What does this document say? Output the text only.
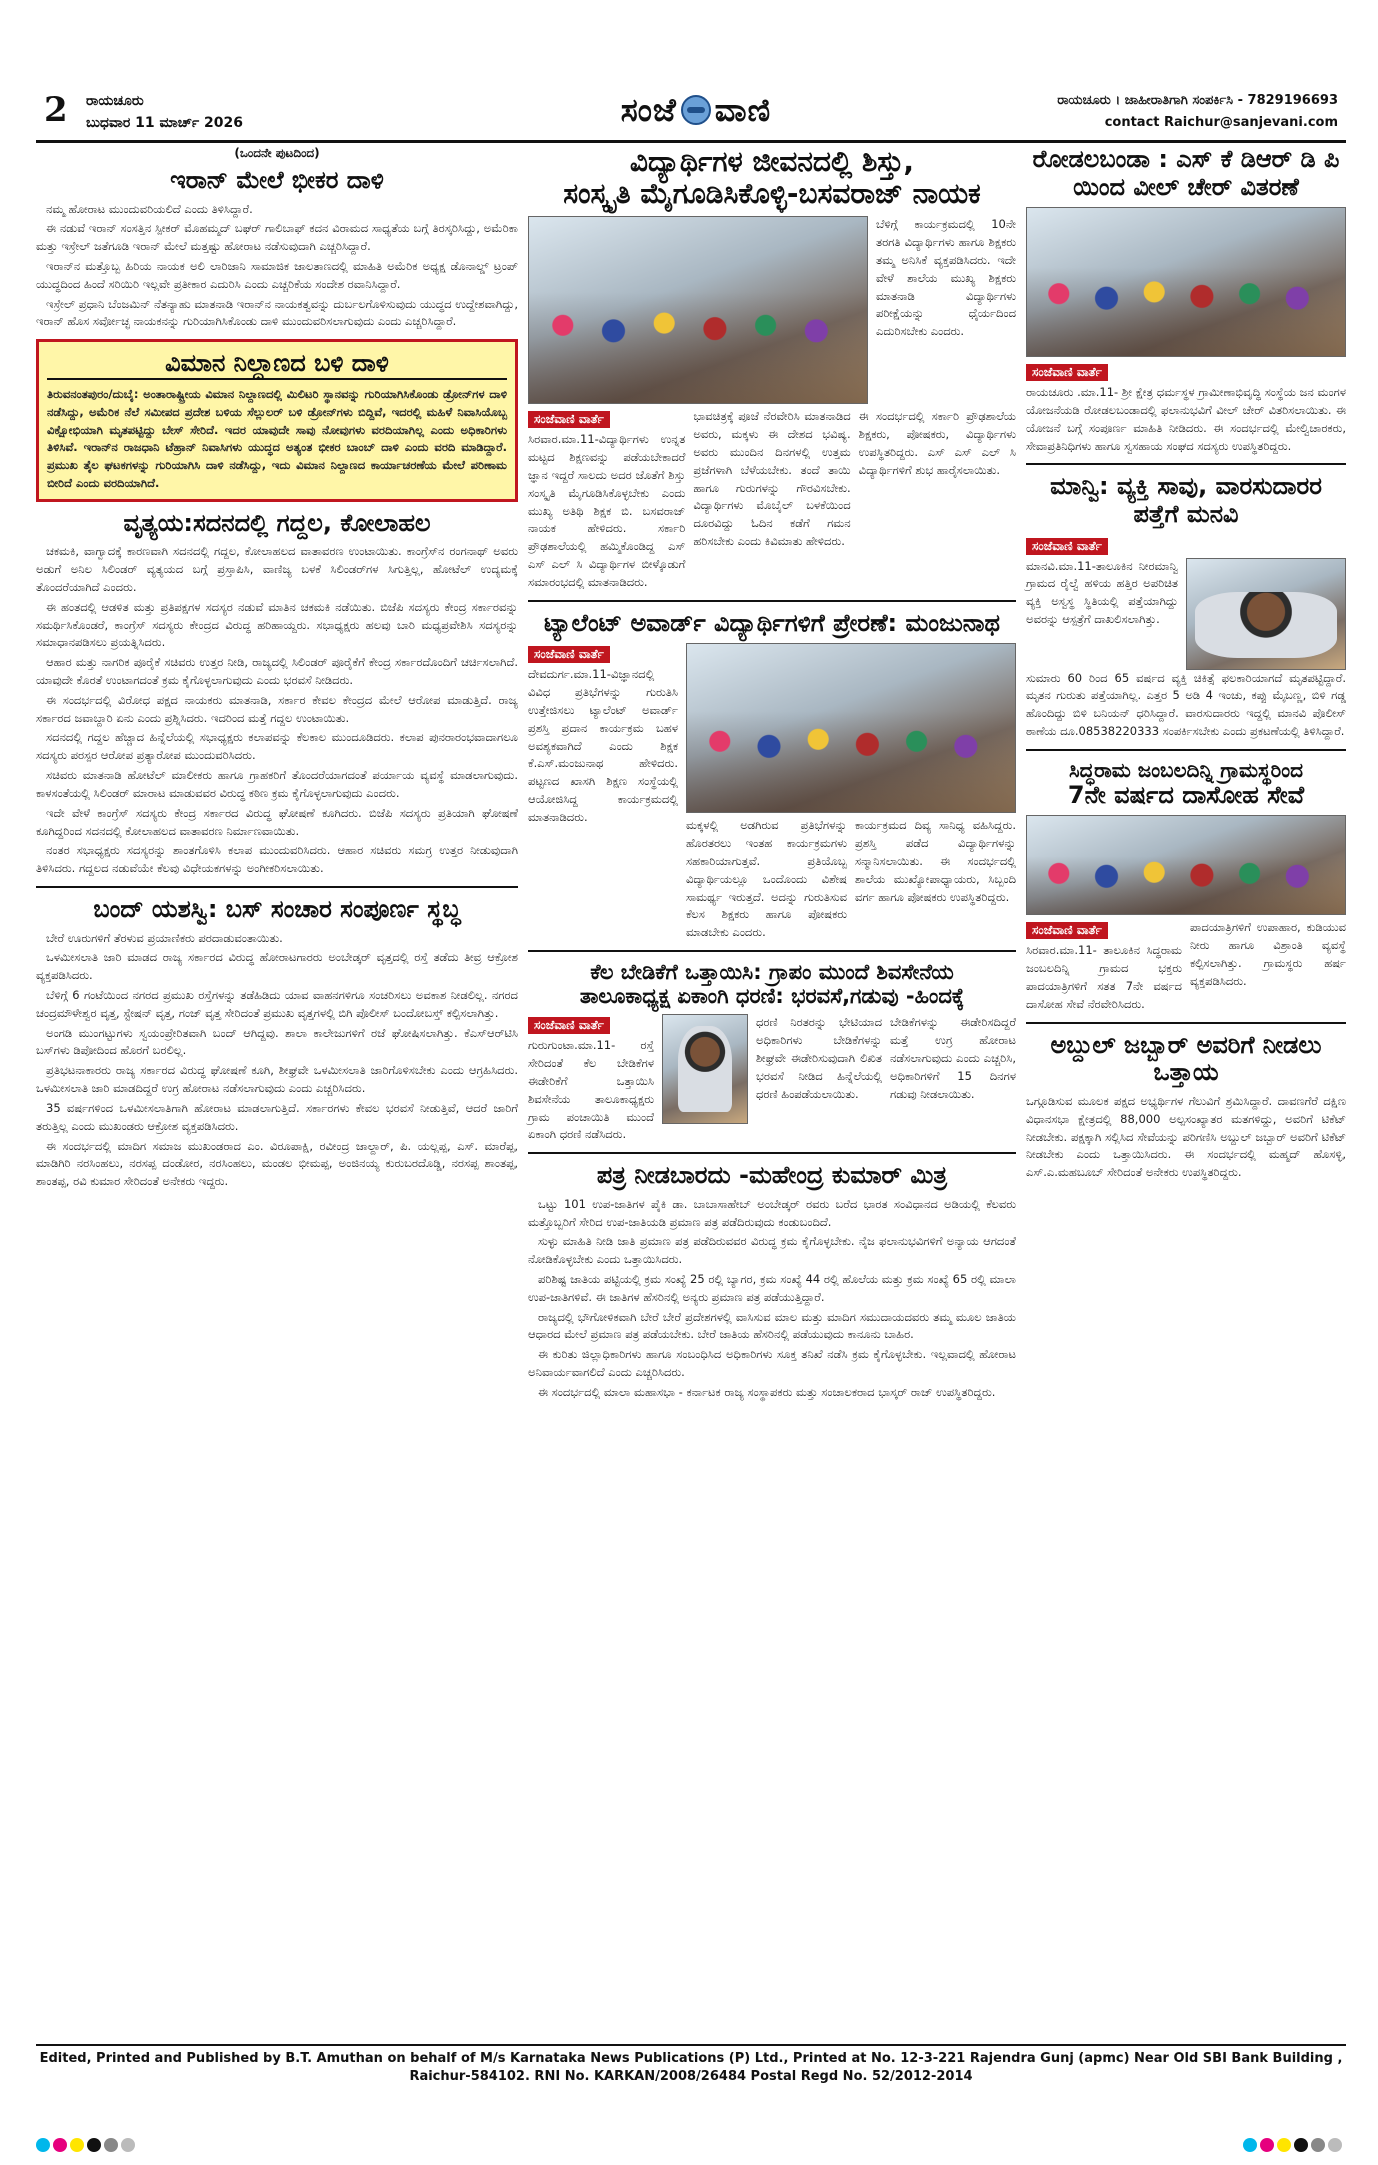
2 ರಾಯಚೂರು
ಬುಧವಾರ 11 ಮಾರ್ಚ್ 2026	ಸಂಜೆ ವಾಣಿ	ರಾಯಚೂರು । ಜಾಹೀರಾತಿಗಾಗಿ ಸಂಪರ್ಕಿಸಿ - 7829196693
contact Raichur@sanjevani.com
(ಒಂದನೇ ಪುಟದಿಂದ)
ಇರಾನ್ ಮೇಲೆ ಭೀಕರ ದಾಳಿ

ನಮ್ಮ ಹೋರಾಟ ಮುಂದುವರಿಯಲಿದೆ ಎಂದು ತಿಳಿಸಿದ್ದಾರೆ.

ಈ ನಡುವೆ ಇರಾನ್ ಸಂಸತ್ತಿನ ಸ್ಪೀಕರ್ ಮೊಹಮ್ಮದ್ ಬಘರ್ ಗಾಲಿಬಾಫ್ ಕದನ ವಿರಾಮದ ಸಾಧ್ಯತೆಯ ಬಗ್ಗೆ ತಿರಸ್ಕರಿಸಿದ್ದು, ಅಮೆರಿಕಾ ಮತ್ತು ಇಸ್ರೇಲ್ ಜತೆಗೂಡಿ ಇರಾನ್ ಮೇಲೆ ಮತ್ತಷ್ಟು ಹೋರಾಟ ನಡೆಸುವುದಾಗಿ ಎಚ್ಚರಿಸಿದ್ದಾರೆ.

ಇರಾನ್‌ನ ಮತ್ತೊಬ್ಬ ಹಿರಿಯ ನಾಯಕ ಅಲಿ ಲಾರಿಜಾನಿ ಸಾಮಾಜಿಕ ಜಾಲತಾಣದಲ್ಲಿ ಮಾಹಿತಿ ಅಮೆರಿಕ ಅಧ್ಯಕ್ಷ ಡೊನಾಲ್ಡ್ ಟ್ರಂಪ್ ಯುದ್ಧದಿಂದ ಹಿಂದೆ ಸರಿಯಿರಿ ಇಲ್ಲವೇ ಪ್ರತೀಕಾರ ಎದುರಿಸಿ ಎಂದು ಎಚ್ಚರಿಕೆಯ ಸಂದೇಶ ರವಾನಿಸಿದ್ದಾರೆ.

ಇಸ್ರೇಲ್ ಪ್ರಧಾನಿ ಬೆಂಜಮಿನ್ ನೆತನ್ಯಾಹು ಮಾತನಾಡಿ ಇರಾನ್‌ನ ನಾಯಕತ್ವವನ್ನು ದುರ್ಬಲಗೊಳಿಸುವುದು ಯುದ್ಧದ ಉದ್ದೇಶವಾಗಿದ್ದು, ಇರಾನ್ ಹೊಸ ಸರ್ವೋಚ್ಛ ನಾಯಕನನ್ನು ಗುರಿಯಾಗಿಸಿಕೊಂಡು ದಾಳಿ ಮುಂದುವರಿಸಲಾಗುವುದು ಎಂದು ಎಚ್ಚರಿಸಿದ್ದಾರೆ.

ವಿಮಾನ ನಿಲ್ದಾಣದ ಬಳಿ ದಾಳಿ
ತಿರುವನಂತಪುರಂ/ದುಬೈ: ಅಂತಾರಾಷ್ಟ್ರೀಯ ವಿಮಾನ ನಿಲ್ದಾಣದಲ್ಲಿ ಮಿಲಿಟರಿ ಸ್ಥಾನವನ್ನು ಗುರಿಯಾಗಿಸಿಕೊಂಡು ಡ್ರೋನ್‌ಗಳ ದಾಳಿ ನಡೆಸಿದ್ದು, ಅಮೆರಿಕ ನೆಲೆ ಸಮೀಪದ ಪ್ರದೇಶ ಬಳಿಯ ಸೆಲ್ಲುಲರ್ ಬಳಿ ಡ್ರೋನ್‌ಗಳು ಬಿದ್ದಿವೆ, ಇದರಲ್ಲಿ ಮಹಿಳೆ ನಿವಾಸಿಯೊಬ್ಬ ವಿಕ್ಷೋಭಿಯಾಗಿ ಮೃತಪಟ್ಟಿದ್ದು ಬೇಸ್ ಸೇರಿದೆ. ಇದರ ಯಾವುದೇ ಸಾವು ನೋವುಗಳು ವರದಿಯಾಗಿಲ್ಲ ಎಂದು ಅಧಿಕಾರಿಗಳು ತಿಳಿಸಿವೆ. ಇರಾನ್‌ನ ರಾಜಧಾನಿ ಟೆಹ್ರಾನ್ ನಿವಾಸಿಗಳು ಯುದ್ಧದ ಅತ್ಯಂತ ಭೀಕರ ಬಾಂಬ್ ದಾಳಿ ಎಂದು ವರದಿ ಮಾಡಿದ್ದಾರೆ. ಪ್ರಮುಖ ತೈಲ ಘಟಕಗಳನ್ನು ಗುರಿಯಾಗಿಸಿ ದಾಳಿ ನಡೆಸಿದ್ದು, ಇದು ವಿಮಾನ ನಿಲ್ದಾಣದ ಕಾರ್ಯಾಚರಣೆಯ ಮೇಲೆ ಪರಿಣಾಮ ಬೀರಿದೆ ಎಂದು ವರದಿಯಾಗಿದೆ.
ವೃತ್ಯಯ:ಸದನದಲ್ಲಿ ಗದ್ದಲ, ಕೋಲಾಹಲ

ಚಕಮಕಿ, ವಾಗ್ವಾದಕ್ಕೆ ಕಾರಣವಾಗಿ ಸದನದಲ್ಲಿ ಗದ್ದಲ, ಕೋಲಾಹಲದ ವಾತಾವರಣ ಉಂಟಾಯಿತು. ಕಾಂಗ್ರೆಸ್‌ನ ರಂಗನಾಥ್ ಅವರು ಅಡುಗೆ ಅನಿಲ ಸಿಲಿಂಡರ್ ವ್ಯತ್ಯಯದ ಬಗ್ಗೆ ಪ್ರಸ್ತಾಪಿಸಿ, ವಾಣಿಜ್ಯ ಬಳಕೆ ಸಿಲಿಂಡರ್‌ಗಳ ಸಿಗುತ್ತಿಲ್ಲ, ಹೋಟೆಲ್ ಉದ್ಯಮಕ್ಕೆ ತೊಂದರೆಯಾಗಿದೆ ಎಂದರು.

ಈ ಹಂತದಲ್ಲಿ ಆಡಳಿತ ಮತ್ತು ಪ್ರತಿಪಕ್ಷಗಳ ಸದಸ್ಯರ ನಡುವೆ ಮಾತಿನ ಚಕಮಕಿ ನಡೆಯಿತು. ಬಿಜೆಪಿ ಸದಸ್ಯರು ಕೇಂದ್ರ ಸರ್ಕಾರವನ್ನು ಸಮರ್ಥಿಸಿಕೊಂಡರೆ, ಕಾಂಗ್ರೆಸ್ ಸದಸ್ಯರು ಕೇಂದ್ರದ ವಿರುದ್ಧ ಹರಿಹಾಯ್ದರು. ಸಭಾಧ್ಯಕ್ಷರು ಹಲವು ಬಾರಿ ಮಧ್ಯಪ್ರವೇಶಿಸಿ ಸದಸ್ಯರನ್ನು ಸಮಾಧಾನಪಡಿಸಲು ಪ್ರಯತ್ನಿಸಿದರು.

ಆಹಾರ ಮತ್ತು ನಾಗರಿಕ ಪೂರೈಕೆ ಸಚಿವರು ಉತ್ತರ ನೀಡಿ, ರಾಜ್ಯದಲ್ಲಿ ಸಿಲಿಂಡರ್ ಪೂರೈಕೆಗೆ ಕೇಂದ್ರ ಸರ್ಕಾರದೊಂದಿಗೆ ಚರ್ಚಿಸಲಾಗಿದೆ. ಯಾವುದೇ ಕೊರತೆ ಉಂಟಾಗದಂತೆ ಕ್ರಮ ಕೈಗೊಳ್ಳಲಾಗುವುದು ಎಂದು ಭರವಸೆ ನೀಡಿದರು.

ಈ ಸಂದರ್ಭದಲ್ಲಿ ವಿರೋಧ ಪಕ್ಷದ ನಾಯಕರು ಮಾತನಾಡಿ, ಸರ್ಕಾರ ಕೇವಲ ಕೇಂದ್ರದ ಮೇಲೆ ಆರೋಪ ಮಾಡುತ್ತಿದೆ. ರಾಜ್ಯ ಸರ್ಕಾರದ ಜವಾಬ್ದಾರಿ ಏನು ಎಂದು ಪ್ರಶ್ನಿಸಿದರು. ಇದರಿಂದ ಮತ್ತೆ ಗದ್ದಲ ಉಂಟಾಯಿತು.

ಸದನದಲ್ಲಿ ಗದ್ದಲ ಹೆಚ್ಚಾದ ಹಿನ್ನೆಲೆಯಲ್ಲಿ ಸಭಾಧ್ಯಕ್ಷರು ಕಲಾಪವನ್ನು ಕೆಲಕಾಲ ಮುಂದೂಡಿದರು. ಕಲಾಪ ಪುನರಾರಂಭವಾದಾಗಲೂ ಸದಸ್ಯರು ಪರಸ್ಪರ ಆರೋಪ ಪ್ರತ್ಯಾರೋಪ ಮುಂದುವರಿಸಿದರು.

ಸಚಿವರು ಮಾತನಾಡಿ ಹೋಟೆಲ್ ಮಾಲೀಕರು ಹಾಗೂ ಗ್ರಾಹಕರಿಗೆ ತೊಂದರೆಯಾಗದಂತೆ ಪರ್ಯಾಯ ವ್ಯವಸ್ಥೆ ಮಾಡಲಾಗುವುದು. ಕಾಳಸಂತೆಯಲ್ಲಿ ಸಿಲಿಂಡರ್ ಮಾರಾಟ ಮಾಡುವವರ ವಿರುದ್ಧ ಕಠಿಣ ಕ್ರಮ ಕೈಗೊಳ್ಳಲಾಗುವುದು ಎಂದರು.

ಇದೇ ವೇಳೆ ಕಾಂಗ್ರೆಸ್ ಸದಸ್ಯರು ಕೇಂದ್ರ ಸರ್ಕಾರದ ವಿರುದ್ಧ ಘೋಷಣೆ ಕೂಗಿದರು. ಬಿಜೆಪಿ ಸದಸ್ಯರು ಪ್ರತಿಯಾಗಿ ಘೋಷಣೆ ಕೂಗಿದ್ದರಿಂದ ಸದನದಲ್ಲಿ ಕೋಲಾಹಲದ ವಾತಾವರಣ ನಿರ್ಮಾಣವಾಯಿತು.

ನಂತರ ಸಭಾಧ್ಯಕ್ಷರು ಸದಸ್ಯರನ್ನು ಶಾಂತಗೊಳಿಸಿ ಕಲಾಪ ಮುಂದುವರಿಸಿದರು. ಆಹಾರ ಸಚಿವರು ಸಮಗ್ರ ಉತ್ತರ ನೀಡುವುದಾಗಿ ತಿಳಿಸಿದರು. ಗದ್ದಲದ ನಡುವೆಯೇ ಕೆಲವು ವಿಧೇಯಕಗಳನ್ನು ಅಂಗೀಕರಿಸಲಾಯಿತು.

ಬಂದ್ ಯಶಸ್ವಿ: ಬಸ್ ಸಂಚಾರ ಸಂಪೂರ್ಣ ಸ್ಥಬ್ಧ

ಬೇರೆ ಊರುಗಳಿಗೆ ತೆರಳುವ ಪ್ರಯಾಣಿಕರು ಪರದಾಡುವಂತಾಯಿತು.

ಒಳಮೀಸಲಾತಿ ಜಾರಿ ಮಾಡದ ರಾಜ್ಯ ಸರ್ಕಾರದ ವಿರುದ್ಧ ಹೋರಾಟಗಾರರು ಅಂಬೇಡ್ಕರ್ ವೃತ್ತದಲ್ಲಿ ರಸ್ತೆ ತಡೆದು ತೀವ್ರ ಆಕ್ರೋಶ ವ್ಯಕ್ತಪಡಿಸಿದರು.

ಬೆಳಿಗ್ಗೆ 6 ಗಂಟೆಯಿಂದ ನಗರದ ಪ್ರಮುಖ ರಸ್ತೆಗಳನ್ನು ತಡೆಹಿಡಿದು ಯಾವ ವಾಹನಗಳಿಗೂ ಸಂಚರಿಸಲು ಅವಕಾಶ ನೀಡಲಿಲ್ಲ. ನಗರದ ಚಂದ್ರಮೌಳೇಶ್ವರ ವೃತ್ತ, ಸ್ಟೇಷನ್ ವೃತ್ತ, ಗಂಜ್ ವೃತ್ತ ಸೇರಿದಂತೆ ಪ್ರಮುಖ ವೃತ್ತಗಳಲ್ಲಿ ಬಿಗಿ ಪೊಲೀಸ್ ಬಂದೋಬಸ್ತ್ ಕಲ್ಪಿಸಲಾಗಿತ್ತು.

ಅಂಗಡಿ ಮುಂಗಟ್ಟುಗಳು ಸ್ವಯಂಪ್ರೇರಿತವಾಗಿ ಬಂದ್ ಆಗಿದ್ದವು. ಶಾಲಾ ಕಾಲೇಜುಗಳಿಗೆ ರಜೆ ಘೋಷಿಸಲಾಗಿತ್ತು. ಕೆಎಸ್ಆರ್‌ಟಿಸಿ ಬಸ್‌ಗಳು ಡಿಪೋದಿಂದ ಹೊರಗೆ ಬರಲಿಲ್ಲ.

ಪ್ರತಿಭಟನಾಕಾರರು ರಾಜ್ಯ ಸರ್ಕಾರದ ವಿರುದ್ಧ ಘೋಷಣೆ ಕೂಗಿ, ಶೀಘ್ರವೇ ಒಳಮೀಸಲಾತಿ ಜಾರಿಗೊಳಿಸಬೇಕು ಎಂದು ಆಗ್ರಹಿಸಿದರು. ಒಳಮೀಸಲಾತಿ ಜಾರಿ ಮಾಡದಿದ್ದರೆ ಉಗ್ರ ಹೋರಾಟ ನಡೆಸಲಾಗುವುದು ಎಂದು ಎಚ್ಚರಿಸಿದರು.

35 ವರ್ಷಗಳಿಂದ ಒಳಮೀಸಲಾತಿಗಾಗಿ ಹೋರಾಟ ಮಾಡಲಾಗುತ್ತಿದೆ. ಸರ್ಕಾರಗಳು ಕೇವಲ ಭರವಸೆ ನೀಡುತ್ತಿವೆ, ಆದರೆ ಜಾರಿಗೆ ತರುತ್ತಿಲ್ಲ ಎಂದು ಮುಖಂಡರು ಆಕ್ರೋಶ ವ್ಯಕ್ತಪಡಿಸಿದರು.

ಈ ಸಂದರ್ಭದಲ್ಲಿ ಮಾದಿಗ ಸಮಾಜ ಮುಖಂಡರಾದ ಎಂ. ವಿರೂಪಾಕ್ಷಿ, ರವೀಂದ್ರ ಜಾಲ್ದಾರ್, ಪಿ. ಯಲ್ಲಪ್ಪ, ಎಸ್. ಮಾರೆಪ್ಪ, ಮಾಡಿಗಿರಿ ನರಸಿಂಹಲು, ನರಸಪ್ಪ ದಂಡೋರ, ನರಸಿಂಹಲು, ಮಂಡಲ ಭೀಮಪ್ಪ, ಅಂಜಿನಯ್ಯ ಕುರುಬರದೊಡ್ಡಿ, ನರಸಪ್ಪ ಶಾಂತಪ್ಪ, ಶಾಂತಪ್ಪ, ರವಿ ಕುಮಾರ ಸೇರಿದಂತೆ ಅನೇಕರು ಇದ್ದರು.

ವಿದ್ಯಾರ್ಥಿಗಳ ಜೀವನದಲ್ಲಿ ಶಿಸ್ತು,
ಸಂಸ್ಕೃತಿ ಮೈಗೂಡಿಸಿಕೊಳ್ಳಿ-ಬಸವರಾಜ್ ನಾಯಕ
ಬೆಳಿಗ್ಗೆ ಕಾರ್ಯಕ್ರಮದಲ್ಲಿ 10ನೇ ತರಗತಿ ವಿದ್ಯಾರ್ಥಿಗಳು ಹಾಗೂ ಶಿಕ್ಷಕರು ತಮ್ಮ ಅನಿಸಿಕೆ ವ್ಯಕ್ತಪಡಿಸಿದರು. ಇದೇ ವೇಳೆ ಶಾಲೆಯ ಮುಖ್ಯ ಶಿಕ್ಷಕರು ಮಾತನಾಡಿ ವಿದ್ಯಾರ್ಥಿಗಳು ಪರೀಕ್ಷೆಯನ್ನು ಧೈರ್ಯದಿಂದ ಎದುರಿಸಬೇಕು ಎಂದರು.
ಸಂಜೆವಾಣಿ ವಾರ್ತೆ
ಸಿರವಾರ.ಮಾ.11-ವಿದ್ಯಾರ್ಥಿಗಳು ಉನ್ನತ ಮಟ್ಟದ ಶಿಕ್ಷಣವನ್ನು ಪಡೆಯಬೇಕಾದರೆ ಜ್ಞಾನ ಇದ್ದರೆ ಸಾಲದು ಅದರ ಜೊತೆಗೆ ಶಿಸ್ತು ಸಂಸ್ಕೃತಿ ಮೈಗೂಡಿಸಿಕೊಳ್ಳಬೇಕು ಎಂದು ಮುಖ್ಯ ಅತಿಥಿ ಶಿಕ್ಷಕ ಬಿ. ಬಸವರಾಜ್ ನಾಯಕ ಹೇಳಿದರು. ಸರ್ಕಾರಿ ಪ್ರೌಢಶಾಲೆಯಲ್ಲಿ ಹಮ್ಮಿಕೊಂಡಿದ್ದ ಎಸ್ ಎಸ್ ಎಲ್ ಸಿ ವಿದ್ಯಾರ್ಥಿಗಳ ಬೀಳ್ಕೊಡುಗೆ ಸಮಾರಂಭದಲ್ಲಿ ಮಾತನಾಡಿದರು.
ಭಾವಚಿತ್ರಕ್ಕೆ ಪೂಜೆ ನೆರವೇರಿಸಿ ಮಾತನಾಡಿದ ಅವರು, ಮಕ್ಕಳು ಈ ದೇಶದ ಭವಿಷ್ಯ. ಅವರು ಮುಂದಿನ ದಿನಗಳಲ್ಲಿ ಉತ್ತಮ ಪ್ರಜೆಗಳಾಗಿ ಬೆಳೆಯಬೇಕು. ತಂದೆ ತಾಯಿ ಹಾಗೂ ಗುರುಗಳನ್ನು ಗೌರವಿಸಬೇಕು. ವಿದ್ಯಾರ್ಥಿಗಳು ಮೊಬೈಲ್ ಬಳಕೆಯಿಂದ ದೂರವಿದ್ದು ಓದಿನ ಕಡೆಗೆ ಗಮನ ಹರಿಸಬೇಕು ಎಂದು ಕಿವಿಮಾತು ಹೇಳಿದರು.
ಈ ಸಂದರ್ಭದಲ್ಲಿ ಸರ್ಕಾರಿ ಪ್ರೌಢಶಾಲೆಯ ಶಿಕ್ಷಕರು, ಪೋಷಕರು, ವಿದ್ಯಾರ್ಥಿಗಳು ಉಪಸ್ಥಿತರಿದ್ದರು. ಎಸ್ ಎಸ್ ಎಲ್ ಸಿ ವಿದ್ಯಾರ್ಥಿಗಳಿಗೆ ಶುಭ ಹಾರೈಸಲಾಯಿತು.
ಟ್ಯಾಲೆಂಟ್ ಅವಾರ್ಡ್ ವಿದ್ಯಾರ್ಥಿಗಳಿಗೆ ಪ್ರೇರಣೆ: ಮಂಜುನಾಥ
ಸಂಜೆವಾಣಿ ವಾರ್ತೆ
ದೇವದುರ್ಗ.ಮಾ.11-ವಿಜ್ಞಾನದಲ್ಲಿ ವಿವಿಧ ಪ್ರತಿಭೆಗಳನ್ನು ಗುರುತಿಸಿ ಉತ್ತೇಜಿಸಲು ಟ್ಯಾಲೆಂಟ್ ಅವಾರ್ಡ್ ಪ್ರಶಸ್ತಿ ಪ್ರದಾನ ಕಾರ್ಯಕ್ರಮ ಬಹಳ ಅವಶ್ಯಕವಾಗಿದೆ ಎಂದು ಶಿಕ್ಷಕ ಕೆ.ಎಸ್.ಮಂಜುನಾಥ ಹೇಳಿದರು. ಪಟ್ಟಣದ ಖಾಸಗಿ ಶಿಕ್ಷಣ ಸಂಸ್ಥೆಯಲ್ಲಿ ಆಯೋಜಿಸಿದ್ದ ಕಾರ್ಯಕ್ರಮದಲ್ಲಿ ಮಾತನಾಡಿದರು.
ಮಕ್ಕಳಲ್ಲಿ ಅಡಗಿರುವ ಪ್ರತಿಭೆಗಳನ್ನು ಹೊರತರಲು ಇಂತಹ ಕಾರ್ಯಕ್ರಮಗಳು ಸಹಕಾರಿಯಾಗುತ್ತವೆ. ಪ್ರತಿಯೊಬ್ಬ ವಿದ್ಯಾರ್ಥಿಯಲ್ಲೂ ಒಂದೊಂದು ವಿಶೇಷ ಸಾಮರ್ಥ್ಯ ಇರುತ್ತದೆ. ಅದನ್ನು ಗುರುತಿಸುವ ಕೆಲಸ ಶಿಕ್ಷಕರು ಹಾಗೂ ಪೋಷಕರು ಮಾಡಬೇಕು ಎಂದರು.
ಕಾರ್ಯಕ್ರಮದ ದಿವ್ಯ ಸಾನಿಧ್ಯ ವಹಿಸಿದ್ದರು. ಪ್ರಶಸ್ತಿ ಪಡೆದ ವಿದ್ಯಾರ್ಥಿಗಳನ್ನು ಸನ್ಮಾನಿಸಲಾಯಿತು. ಈ ಸಂದರ್ಭದಲ್ಲಿ ಶಾಲೆಯ ಮುಖ್ಯೋಪಾಧ್ಯಾಯರು, ಸಿಬ್ಬಂದಿ ವರ್ಗ ಹಾಗೂ ಪೋಷಕರು ಉಪಸ್ಥಿತರಿದ್ದರು.
ಕೆಲ ಬೇಡಿಕೆಗೆ ಒತ್ತಾಯಿಸಿ: ಗ್ರಾಪಂ ಮುಂದೆ ಶಿವಸೇನೆಯ
ತಾಲೂಕಾಧ್ಯಕ್ಷ ಏಕಾಂಗಿ ಧರಣಿ: ಭರವಸೆ,ಗಡುವು -ಹಿಂದಕ್ಕೆ
ಸಂಜೆವಾಣಿ ವಾರ್ತೆ
ಗುರುಗುಂಟಾ.ಮಾ.11- ರಸ್ತೆ ಸೇರಿದಂತೆ ಕೆಲ ಬೇಡಿಕೆಗಳ ಈಡೇರಿಕೆಗೆ ಒತ್ತಾಯಿಸಿ ಶಿವಸೇನೆಯ ತಾಲೂಕಾಧ್ಯಕ್ಷರು ಗ್ರಾಮ ಪಂಚಾಯಿತಿ ಮುಂದೆ ಏಕಾಂಗಿ ಧರಣಿ ನಡೆಸಿದರು.
ಧರಣಿ ನಿರತರನ್ನು ಭೇಟಿಯಾದ ಅಧಿಕಾರಿಗಳು ಬೇಡಿಕೆಗಳನ್ನು ಶೀಘ್ರವೇ ಈಡೇರಿಸುವುದಾಗಿ ಲಿಖಿತ ಭರವಸೆ ನೀಡಿದ ಹಿನ್ನೆಲೆಯಲ್ಲಿ ಧರಣಿ ಹಿಂಪಡೆಯಲಾಯಿತು.
ಬೇಡಿಕೆಗಳನ್ನು ಈಡೇರಿಸದಿದ್ದರೆ ಮತ್ತೆ ಉಗ್ರ ಹೋರಾಟ ನಡೆಸಲಾಗುವುದು ಎಂದು ಎಚ್ಚರಿಸಿ, ಅಧಿಕಾರಿಗಳಿಗೆ 15 ದಿನಗಳ ಗಡುವು ನೀಡಲಾಯಿತು.
ಪತ್ರ ನೀಡಬಾರದು -ಮಹೇಂದ್ರ ಕುಮಾರ್ ಮಿತ್ರ

ಒಟ್ಟು 101 ಉಪ-ಜಾತಿಗಳ ಪೈಕಿ ಡಾ. ಬಾಬಾಸಾಹೇಬ್ ಅಂಬೇಡ್ಕರ್ ರವರು ಬರೆದ ಭಾರತ ಸಂವಿಧಾನದ ಅಡಿಯಲ್ಲಿ ಕೆಲವರು ಮತ್ತೊಬ್ಬರಿಗೆ ಸೇರಿದ ಉಪ-ಜಾತಿಯಡಿ ಪ್ರಮಾಣ ಪತ್ರ ಪಡೆದಿರುವುದು ಕಂಡುಬಂದಿದೆ.

ಸುಳ್ಳು ಮಾಹಿತಿ ನೀಡಿ ಜಾತಿ ಪ್ರಮಾಣ ಪತ್ರ ಪಡೆದಿರುವವರ ವಿರುದ್ಧ ಕ್ರಮ ಕೈಗೊಳ್ಳಬೇಕು. ನೈಜ ಫಲಾನುಭವಿಗಳಿಗೆ ಅನ್ಯಾಯ ಆಗದಂತೆ ನೋಡಿಕೊಳ್ಳಬೇಕು ಎಂದು ಒತ್ತಾಯಿಸಿದರು.

ಪರಿಶಿಷ್ಟ ಜಾತಿಯ ಪಟ್ಟಿಯಲ್ಲಿ ಕ್ರಮ ಸಂಖ್ಯೆ 25 ರಲ್ಲಿ ಬ್ಯಾಗರ, ಕ್ರಮ ಸಂಖ್ಯೆ 44 ರಲ್ಲಿ ಹೊಲೆಯ ಮತ್ತು ಕ್ರಮ ಸಂಖ್ಯೆ 65 ರಲ್ಲಿ ಮಾಲಾ ಉಪ-ಜಾತಿಗಳಿವೆ. ಈ ಜಾತಿಗಳ ಹೆಸರಿನಲ್ಲಿ ಅನ್ಯರು ಪ್ರಮಾಣ ಪತ್ರ ಪಡೆಯುತ್ತಿದ್ದಾರೆ.

ರಾಜ್ಯದಲ್ಲಿ ಭೌಗೋಳಿಕವಾಗಿ ಬೇರೆ ಬೇರೆ ಪ್ರದೇಶಗಳಲ್ಲಿ ವಾಸಿಸುವ ಮಾಲ ಮತ್ತು ಮಾದಿಗ ಸಮುದಾಯದವರು ತಮ್ಮ ಮೂಲ ಜಾತಿಯ ಆಧಾರದ ಮೇಲೆ ಪ್ರಮಾಣ ಪತ್ರ ಪಡೆಯಬೇಕು. ಬೇರೆ ಜಾತಿಯ ಹೆಸರಿನಲ್ಲಿ ಪಡೆಯುವುದು ಕಾನೂನು ಬಾಹಿರ.

ಈ ಕುರಿತು ಜಿಲ್ಲಾಧಿಕಾರಿಗಳು ಹಾಗೂ ಸಂಬಂಧಿಸಿದ ಅಧಿಕಾರಿಗಳು ಸೂಕ್ತ ತನಿಖೆ ನಡೆಸಿ ಕ್ರಮ ಕೈಗೊಳ್ಳಬೇಕು. ಇಲ್ಲವಾದಲ್ಲಿ ಹೋರಾಟ ಅನಿವಾರ್ಯವಾಗಲಿದೆ ಎಂದು ಎಚ್ಚರಿಸಿದರು.

ಈ ಸಂದರ್ಭದಲ್ಲಿ ಮಾಲಾ ಮಹಾಸಭಾ - ಕರ್ನಾಟಕ ರಾಜ್ಯ ಸಂಸ್ಥಾಪಕರು ಮತ್ತು ಸಂಚಾಲಕರಾದ ಭಾಸ್ಕರ್ ರಾಜ್ ಉಪಸ್ಥಿತರಿದ್ದರು.

ರೋಡಲಬಂಡಾ : ಎಸ್ ಕೆ ಡಿಆರ್ ಡಿ ಪಿ ಯಿಂದ ವೀಲ್ ಚೇರ್ ವಿತರಣೆ
ಸಂಜೆವಾಣಿ ವಾರ್ತೆ
ರಾಯಚೂರು .ಮಾ.11- ಶ್ರೀ ಕ್ಷೇತ್ರ ಧರ್ಮಸ್ಥಳ ಗ್ರಾಮೀಣಾಭಿವೃದ್ಧಿ ಸಂಸ್ಥೆಯ ಜನ ಮಂಗಳ ಯೋಜನೆಯಡಿ ರೋಡಲಬಂಡಾದಲ್ಲಿ ಫಲಾನುಭವಿಗೆ ವೀಲ್ ಚೇರ್ ವಿತರಿಸಲಾಯಿತು. ಈ ಯೋಜನೆ ಬಗ್ಗೆ ಸಂಪೂರ್ಣ ಮಾಹಿತಿ ನೀಡಿದರು. ಈ ಸಂದರ್ಭದಲ್ಲಿ ಮೇಲ್ವಿಚಾರಕರು, ಸೇವಾಪ್ರತಿನಿಧಿಗಳು ಹಾಗೂ ಸ್ವಸಹಾಯ ಸಂಘದ ಸದಸ್ಯರು ಉಪಸ್ಥಿತರಿದ್ದರು.
ಮಾನ್ವಿ: ವ್ಯಕ್ತಿ ಸಾವು, ವಾರಸುದಾರರ ಪತ್ತೆಗೆ ಮನವಿ
ಸಂಜೆವಾಣಿ ವಾರ್ತೆ
ಮಾನವಿ.ಮಾ.11-ತಾಲೂಕಿನ ನೀರಮಾನ್ವಿ ಗ್ರಾಮದ ರೈಲ್ವೆ ಹಳಿಯ ಹತ್ತಿರ ಅಪರಿಚಿತ ವ್ಯಕ್ತಿ ಅಸ್ವಸ್ಥ ಸ್ಥಿತಿಯಲ್ಲಿ ಪತ್ತೆಯಾಗಿದ್ದು ಅವರನ್ನು ಆಸ್ಪತ್ರೆಗೆ ದಾಖಲಿಸಲಾಗಿತ್ತು.
ಸುಮಾರು 60 ರಿಂದ 65 ವರ್ಷದ ವ್ಯಕ್ತಿ ಚಿಕಿತ್ಸೆ ಫಲಕಾರಿಯಾಗದೆ ಮೃತಪಟ್ಟಿದ್ದಾರೆ. ಮೃತನ ಗುರುತು ಪತ್ತೆಯಾಗಿಲ್ಲ. ಎತ್ತರ 5 ಅಡಿ 4 ಇಂಚು, ಕಪ್ಪು ಮೈಬಣ್ಣ, ಬಿಳಿ ಗಡ್ಡ ಹೊಂದಿದ್ದು ಬಿಳಿ ಬನಿಯನ್ ಧರಿಸಿದ್ದಾರೆ. ವಾರಸುದಾರರು ಇದ್ದಲ್ಲಿ ಮಾನವಿ ಪೊಲೀಸ್ ಠಾಣೆಯ ದೂ.08538220333 ಸಂಪರ್ಕಿಸಬೇಕು ಎಂದು ಪ್ರಕಟಣೆಯಲ್ಲಿ ತಿಳಿಸಿದ್ದಾರೆ.
ಸಿದ್ಧರಾಮ ಜಂಬಲದಿನ್ನಿ ಗ್ರಾಮಸ್ಥರಿಂದ
7ನೇ ವರ್ಷದ ದಾಸೋಹ ಸೇವೆ
ಸಂಜೆವಾಣಿ ವಾರ್ತೆ
ಸಿರವಾರ.ಮಾ.11- ತಾಲೂಕಿನ ಸಿದ್ಧರಾಮ ಜಂಬಲದಿನ್ನಿ ಗ್ರಾಮದ ಭಕ್ತರು ಪಾದಯಾತ್ರಿಗಳಿಗೆ ಸತತ 7ನೇ ವರ್ಷದ ದಾಸೋಹ ಸೇವೆ ನೆರವೇರಿಸಿದರು.
ಪಾದಯಾತ್ರಿಗಳಿಗೆ ಉಪಾಹಾರ, ಕುಡಿಯುವ ನೀರು ಹಾಗೂ ವಿಶ್ರಾಂತಿ ವ್ಯವಸ್ಥೆ ಕಲ್ಪಿಸಲಾಗಿತ್ತು. ಗ್ರಾಮಸ್ಥರು ಹರ್ಷ ವ್ಯಕ್ತಪಡಿಸಿದರು.
ಅಬ್ದುಲ್ ಜಬ್ಬಾರ್ ಅವರಿಗೆ ನೀಡಲು ಒತ್ತಾಯ
ಒಗ್ಗೂಡಿಸುವ ಮೂಲಕ ಪಕ್ಷದ ಅಭ್ಯರ್ಥಿಗಳ ಗೆಲುವಿಗೆ ಶ್ರಮಿಸಿದ್ದಾರೆ. ದಾವಣಗೆರೆ ದಕ್ಷಿಣ ವಿಧಾನಸಭಾ ಕ್ಷೇತ್ರದಲ್ಲಿ 88,000 ಅಲ್ಪಸಂಖ್ಯಾತರ ಮತಗಳಿದ್ದು, ಅವರಿಗೆ ಟಿಕೆಟ್ ನೀಡಬೇಕು. ಪಕ್ಷಕ್ಕಾಗಿ ಸಲ್ಲಿಸಿದ ಸೇವೆಯನ್ನು ಪರಿಗಣಿಸಿ ಅಬ್ದುಲ್ ಜಬ್ಬಾರ್ ಅವರಿಗೆ ಟಿಕೆಟ್ ನೀಡಬೇಕು ಎಂದು ಒತ್ತಾಯಿಸಿದರು. ಈ ಸಂದರ್ಭದಲ್ಲಿ ಮಹ್ಮದ್ ಹೊಸಳ್ಳಿ, ಎಸ್.ಎ.ಮಹಬೂಬ್ ಸೇರಿದಂತೆ ಅನೇಕರು ಉಪಸ್ಥಿತರಿದ್ದರು.
Edited, Printed and Published by B.T. Amuthan on behalf of M/s Karnataka News Publications (P) Ltd., Printed at No. 12-3-221 Rajendra Gunj (apmc) Near Old SBI Bank Building , Raichur-584102. RNI No. KARKAN/2008/26484 Postal Regd No. 52/2012-2014
